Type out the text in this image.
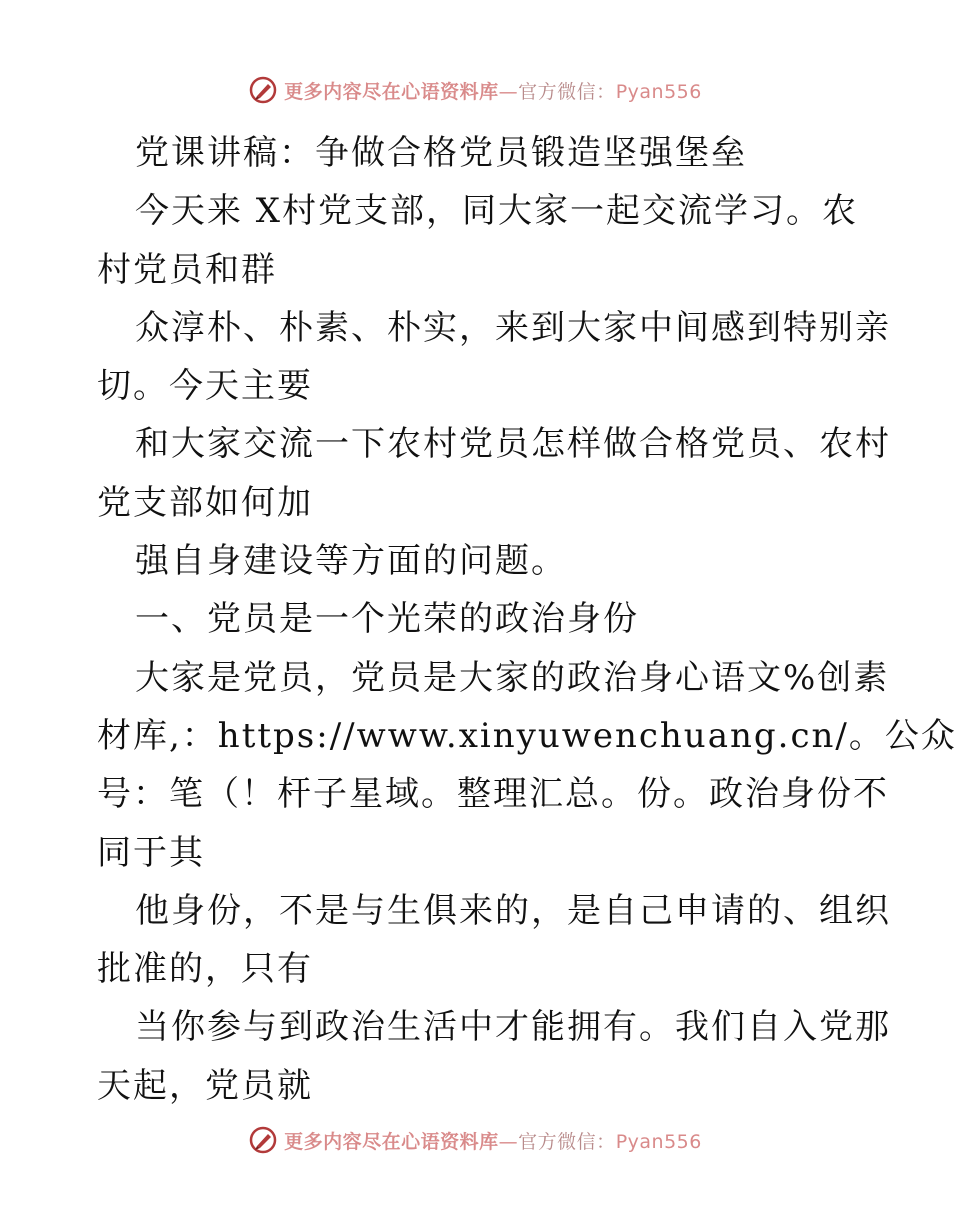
更多内容尽在心语资料库—官方微信：Pyan556
党课讲稿：争做合格党员锻造坚强堡垒
今天来 X村党支部，同大家一起交流学习。农
村党员和群
众淳朴、朴素、朴实，来到大家中间感到特别亲
切。今天主要
和大家交流一下农村党员怎样做合格党员、农村
党支部如何加
强自身建设等方面的问题。
一、党员是一个光荣的政治身份
大家是党员，党员是大家的政治身心语文%创素
材库,：https://www.xinyuwenchuang.cn/。公众
号：笔（！杆子星域。整理汇总。份。政治身份不
同于其
他身份，不是与生俱来的，是自己申请的、组织
批准的，只有
当你参与到政治生活中才能拥有。我们自入党那
天起，党员就
更多内容尽在心语资料库—官方微信：Pyan556
